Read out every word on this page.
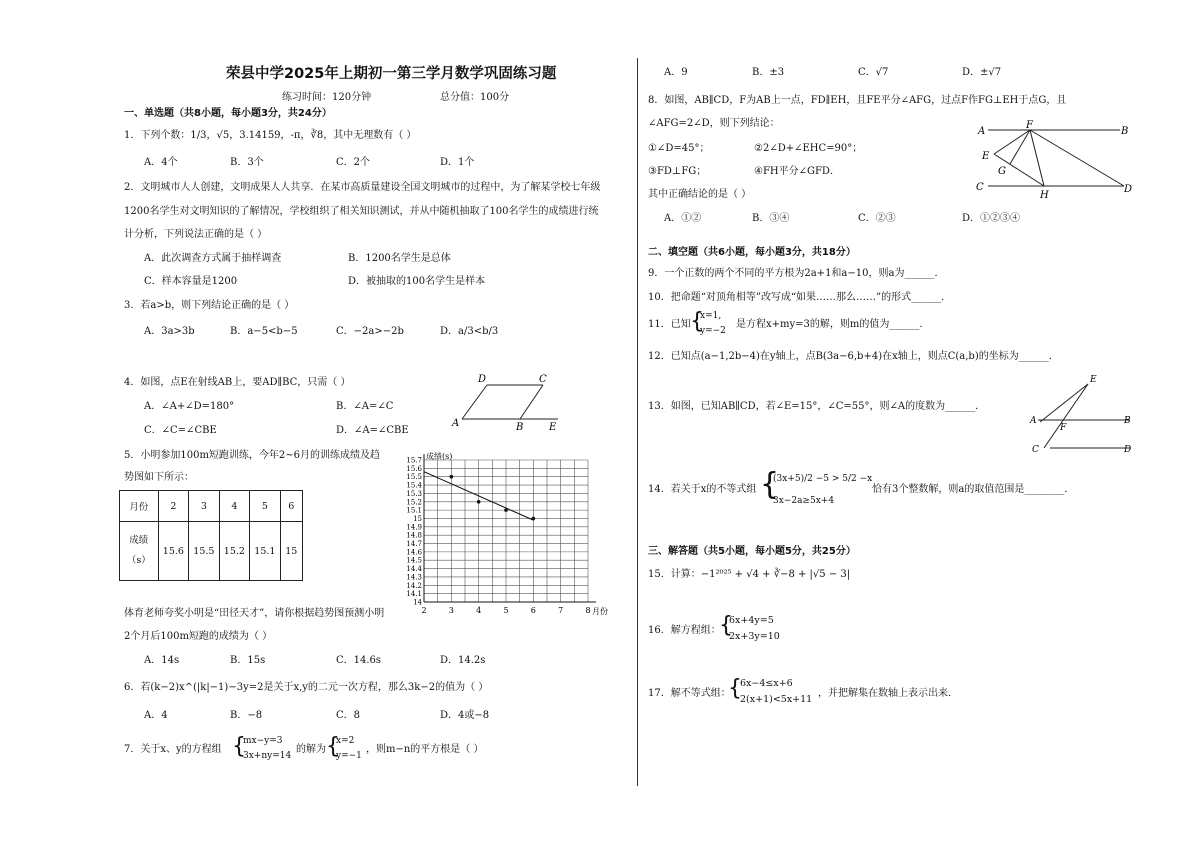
荣县中学2025年上期初一第三学月数学巩固练习题
练习时间：120分钟	总分值：100分
一、单选题（共8小题，每小题3分，共24分）
1．下列个数：1/3，√5，3.14159，-π，∛8，其中无理数有（ ）
A．4个	B．3个	C．2个	D．1个
2．文明城市人人创建，文明成果人人共享．在某市高质量建设全国文明城市的过程中，为了解某学校七年级
1200名学生对文明知识的了解情况，学校组织了相关知识测试，并从中随机抽取了100名学生的成绩进行统
计分析，下列说法正确的是（ ）
A．此次调查方式属于抽样调查	B．1200名学生是总体
C．样本容量是1200	D．被抽取的100名学生是样本
3．若a>b，则下列结论正确的是（ ）
A．3a>3b	B．a−5<b−5	C．−2a>−2b	D．a/3<b/3
4．如图，点E在射线AB上，要AD∥BC，只需（ ）
A．∠A+∠D=180°	B．∠A=∠C
C．∠C=∠CBE	D．∠A=∠CBE
D	C
A	B	E
5．小明参加100m短跑训练，今年2~6月的训练成绩及趋
势图如下所示：
月份	2	3	4	5	6

成绩
（s）	15.6	15.5	15.2	15.1	15
15.7
15.6
15.5
15.4
15.3
15.2
15.1
15
14.9
14.8
14.7
14.6
14.5
14.4
14.3
14.2
14.1
14
2	3	4	5	6	7	8
成绩(s)
月份
体育老师夸奖小明是“田径天才”，请你根据趋势图预测小明
2个月后100m短跑的成绩为（ ）
A．14s	B．15s	C．14.6s	D．14.2s
6．若(k−2)x^(|k|−1)−3y=2是关于x,y的二元一次方程，那么3k−2的值为（ ）
A．4	B．−8	C．8	D．4或−8
7．关于x、y的方程组 {
mx−y=3
3x+ny=14
的解为 {
x=2
y=−1
，则m−n的平方根是（ ）
A．9	B．±3	C．√7	D．±√7
8．如图，AB∥CD，F为AB上一点，FD∥EH，且FE平分∠AFG，过点F作FG⊥EH于点G，且
∠AFG=2∠D，则下列结论：
①∠D=45°；	②2∠D+∠EHC=90°；
③FD⊥FG；	④FH平分∠GFD．
其中正确结论的是（ ）
A．①②	B．③④	C．②③	D．①②③④
A
F
B
E
G
C
H
D
二、填空题（共6小题，每小题3分，共18分）
9．一个正数的两个不同的平方根为2a+1和a−10，则a为______．
10．把命题“对顶角相等”改写成“如果……那么……”的形式______．
11．已知 {
x=1,
y=−2
是方程x+my=3的解，则m的值为______．
12．已知点(a−1,2b−4)在y轴上，点B(3a−6,b+4)在x轴上，则点C(a,b)的坐标为______．
13．如图，已知AB∥CD，若∠E=15°，∠C=55°，则∠A的度数为______．
E
A
F
B
C	D
14．若关于x的不等式组 {
(3x+5)/2 −5 > 5/2 −x
3x−2a≥5x+4
恰有3个整数解，则a的取值范围是________．
三、解答题（共5小题，每小题5分，共25分）
15．计算：−1²⁰²⁵ + √4 + ∛−8 + |√5 − 3|
16．解方程组：
{
6x+4y=5
2x+3y=10
17．解不等式组：
{
6x−4≤x+6
2(x+1)<5x+11
，并把解集在数轴上表示出来．
